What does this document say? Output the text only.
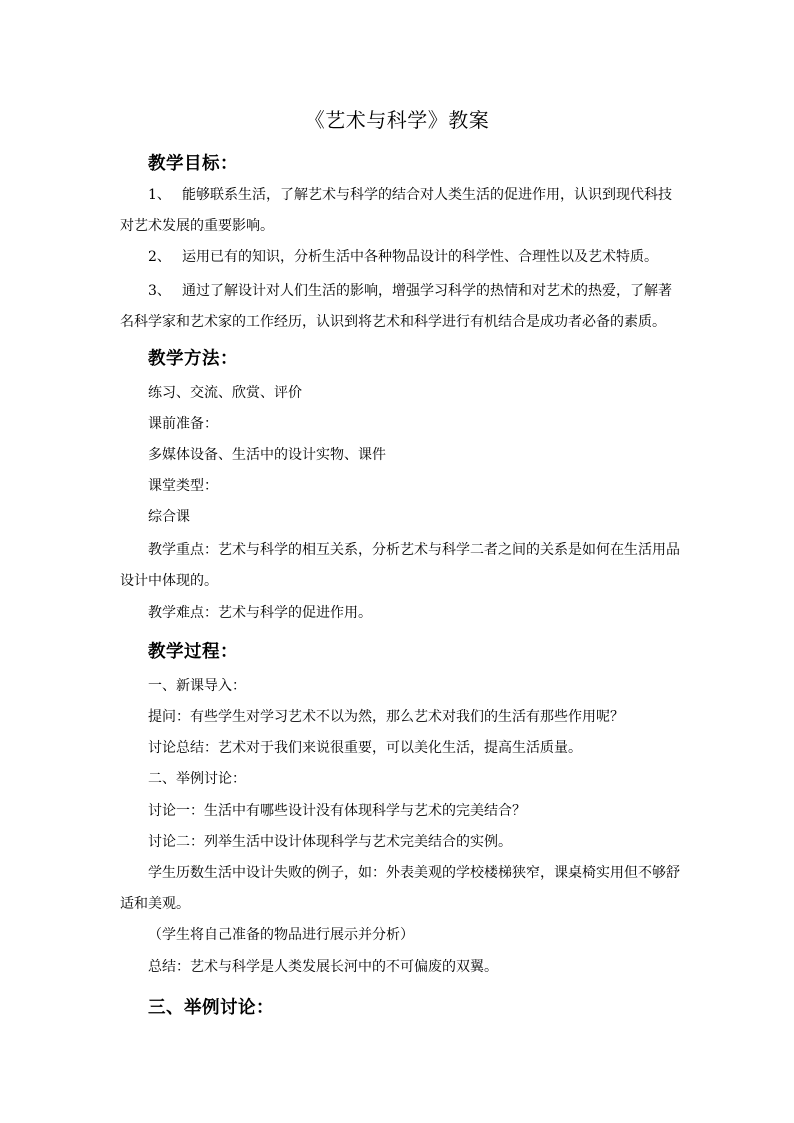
《艺术与科学》教案
教学目标：
1、 能够联系生活，了解艺术与科学的结合对人类生活的促进作用，认识到现代科技
对艺术发展的重要影响。
2、 运用已有的知识，分析生活中各种物品设计的科学性、合理性以及艺术特质。
3、 通过了解设计对人们生活的影响，增强学习科学的热情和对艺术的热爱，了解著
名科学家和艺术家的工作经历，认识到将艺术和科学进行有机结合是成功者必备的素质。
教学方法：
练习、交流、欣赏、评价
课前准备：
多媒体设备、生活中的设计实物、课件
课堂类型：
综合课
教学重点：艺术与科学的相互关系，分析艺术与科学二者之间的关系是如何在生活用品
设计中体现的。
教学难点：艺术与科学的促进作用。
教学过程：
一、新课导入：
提问：有些学生对学习艺术不以为然，那么艺术对我们的生活有那些作用呢？
讨论总结：艺术对于我们来说很重要，可以美化生活，提高生活质量。
二、举例讨论：
讨论一：生活中有哪些设计没有体现科学与艺术的完美结合？
讨论二：列举生活中设计体现科学与艺术完美结合的实例。
学生历数生活中设计失败的例子，如：外表美观的学校楼梯狭窄，课桌椅实用但不够舒
适和美观。
（学生将自己准备的物品进行展示并分析）
总结：艺术与科学是人类发展长河中的不可偏废的双翼。
三、举例讨论：
